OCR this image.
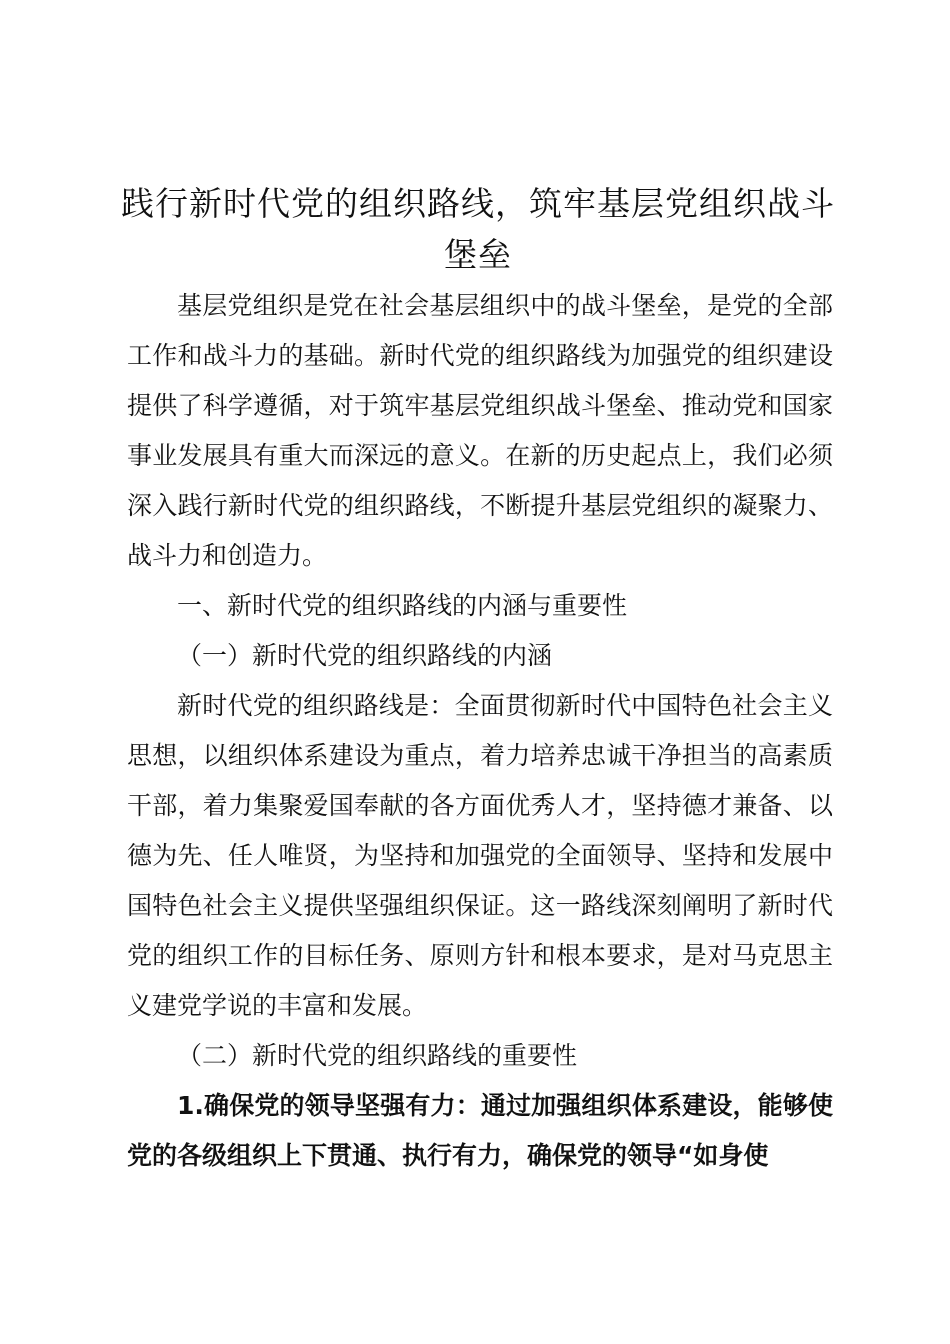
践行新时代党的组织路线，筑牢基层党组织战斗堡垒

基层党组织是党在社会基层组织中的战斗堡垒，是党的全部工作和战斗力的基础。新时代党的组织路线为加强党的组织建设提供了科学遵循，对于筑牢基层党组织战斗堡垒、推动党和国家事业发展具有重大而深远的意义。在新的历史起点上，我们必须深入践行新时代党的组织路线，不断提升基层党组织的凝聚力、战斗力和创造力。

一、新时代党的组织路线的内涵与重要性

（一）新时代党的组织路线的内涵

新时代党的组织路线是：全面贯彻新时代中国特色社会主义思想，以组织体系建设为重点，着力培养忠诚干净担当的高素质干部，着力集聚爱国奉献的各方面优秀人才，坚持德才兼备、以德为先、任人唯贤，为坚持和加强党的全面领导、坚持和发展中国特色社会主义提供坚强组织保证。这一路线深刻阐明了新时代党的组织工作的目标任务、原则方针和根本要求，是对马克思主义建党学说的丰富和发展。

（二）新时代党的组织路线的重要性

1.确保党的领导坚强有力：通过加强组织体系建设，能够使党的各级组织上下贯通、执行有力，确保党的领导“如身使
